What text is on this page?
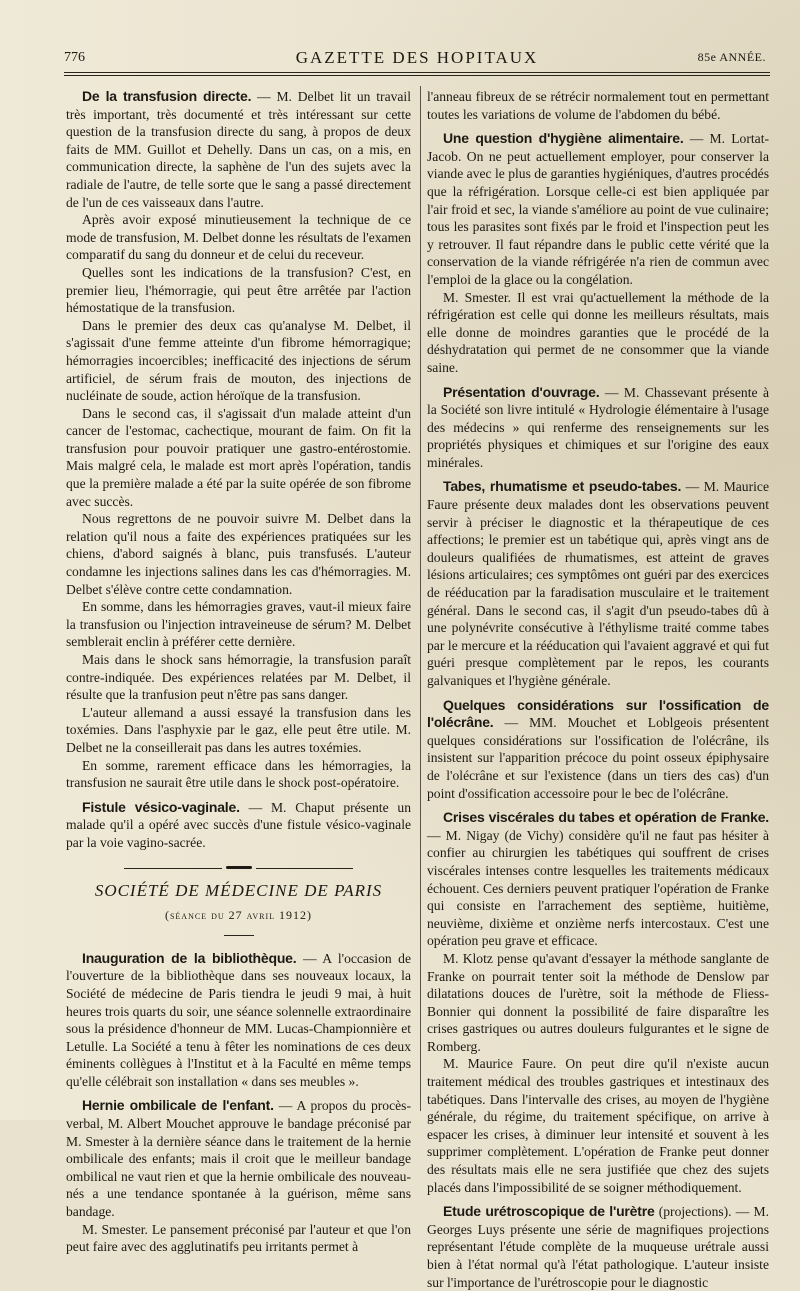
776	GAZETTE DES HOPITAUX	85e ANNÉE.

De la transfusion directe. — M. Delbet lit un travail très important, très documenté et très intéressant sur cette question de la transfusion directe du sang, à propos de deux faits de MM. Guillot et Dehelly. Dans un cas, on a mis, en communication directe, la saphène de l'un des sujets avec la radiale de l'autre, de telle sorte que le sang a passé directement de l'un de ces vaisseaux dans l'autre.

Après avoir exposé minutieusement la technique de ce mode de transfusion, M. Delbet donne les résultats de l'examen comparatif du sang du donneur et de celui du receveur.

Quelles sont les indications de la transfusion? C'est, en premier lieu, l'hémorragie, qui peut être arrêtée par l'action hémostatique de la transfusion.

Dans le premier des deux cas qu'analyse M. Delbet, il s'agissait d'une femme atteinte d'un fibrome hémorragique; hémorragies incoercibles; inefficacité des injections de sérum artificiel, de sérum frais de mouton, des injections de nucléinate de soude, action héroïque de la transfusion.

Dans le second cas, il s'agissait d'un malade atteint d'un cancer de l'estomac, cachectique, mourant de faim. On fit la transfusion pour pouvoir pratiquer une gastro-entérostomie. Mais malgré cela, le malade est mort après l'opération, tandis que la première malade a été par la suite opérée de son fibrome avec succès.

Nous regrettons de ne pouvoir suivre M. Delbet dans la relation qu'il nous a faite des expériences pratiquées sur les chiens, d'abord saignés à blanc, puis transfusés. L'auteur condamne les injections salines dans les cas d'hémorragies. M. Delbet s'élève contre cette condamnation.

En somme, dans les hémorragies graves, vaut-il mieux faire la transfusion ou l'injection intraveineuse de sérum? M. Delbet semblerait enclin à préférer cette dernière.

Mais dans le shock sans hémorragie, la transfusion paraît contre-indiquée. Des expériences relatées par M. Delbet, il résulte que la tranfusion peut n'être pas sans danger.

L'auteur allemand a aussi essayé la transfusion dans les toxémies. Dans l'asphyxie par le gaz, elle peut être utile. M. Delbet ne la conseillerait pas dans les autres toxémies.

En somme, rarement efficace dans les hémorragies, la transfusion ne saurait être utile dans le shock post-opératoire.

Fistule vésico-vaginale. — M. Chaput présente un malade qu'il a opéré avec succès d'une fistule vésico-vaginale par la voie vagino-sacrée.

SOCIÉTÉ DE MÉDECINE DE PARIS
(séance du 27 avril 1912)

Inauguration de la bibliothèque. — A l'occasion de l'ouverture de la bibliothèque dans ses nouveaux locaux, la Société de médecine de Paris tiendra le jeudi 9 mai, à huit heures trois quarts du soir, une séance solennelle extraordinaire sous la présidence d'honneur de MM. Lucas-Championnière et Letulle. La Société a tenu à fêter les nominations de ces deux éminents collègues à l'Institut et à la Faculté en même temps qu'elle célébrait son installation « dans ses meubles ».

Hernie ombilicale de l'enfant. — A propos du procès-verbal, M. Albert Mouchet approuve le bandage préconisé par M. Smester à la dernière séance dans le traitement de la hernie ombilicale des enfants; mais il croit que le meilleur bandage ombilical ne vaut rien et que la hernie ombilicale des nouveau-nés a une tendance spontanée à la guérison, même sans bandage.

M. Smester. Le pansement préconisé par l'auteur et que l'on peut faire avec des agglutinatifs peu irritants permet à

l'anneau fibreux de se rétrécir normalement tout en permettant toutes les variations de volume de l'abdomen du bébé.

Une question d'hygiène alimentaire. — M. Lortat-Jacob. On ne peut actuellement employer, pour conserver la viande avec le plus de garanties hygiéniques, d'autres procédés que la réfrigération. Lorsque celle-ci est bien appliquée par l'air froid et sec, la viande s'améliore au point de vue culinaire; tous les parasites sont fixés par le froid et l'inspection peut les y retrouver. Il faut répandre dans le public cette vérité que la conservation de la viande réfrigérée n'a rien de commun avec l'emploi de la glace ou la congélation.

M. Smester. Il est vrai qu'actuellement la méthode de la réfrigération est celle qui donne les meilleurs résultats, mais elle donne de moindres garanties que le procédé de la déshydratation qui permet de ne consommer que la viande saine.

Présentation d'ouvrage. — M. Chassevant présente à la Société son livre intitulé « Hydrologie élémentaire à l'usage des médecins » qui renferme des renseignements sur les propriétés physiques et chimiques et sur l'origine des eaux minérales.

Tabes, rhumatisme et pseudo-tabes. — M. Maurice Faure présente deux malades dont les observations peuvent servir à préciser le diagnostic et la thérapeutique de ces affections; le premier est un tabétique qui, après vingt ans de douleurs qualifiées de rhumatismes, est atteint de graves lésions articulaires; ces symptômes ont guéri par des exercices de rééducation par la faradisation musculaire et le traitement général. Dans le second cas, il s'agit d'un pseudo-tabes dû à une polynévrite consécutive à l'éthylisme traité comme tabes par le mercure et la rééducation qui l'avaient aggravé et qui fut guéri presque complètement par le repos, les courants galvaniques et l'hygiène générale.

Quelques considérations sur l'ossification de l'olécrâne. — MM. Mouchet et Loblgeois présentent quelques considérations sur l'ossification de l'olécrâne, ils insistent sur l'apparition précoce du point osseux épiphysaire de l'olécrâne et sur l'existence (dans un tiers des cas) d'un point d'ossification accessoire pour le bec de l'olécrâne.

Crises viscérales du tabes et opération de Franke. — M. Nigay (de Vichy) considère qu'il ne faut pas hésiter à confier au chirurgien les tabétiques qui souffrent de crises viscérales intenses contre lesquelles les traitements médicaux échouent. Ces derniers peuvent pratiquer l'opération de Franke qui consiste en l'arrachement des septième, huitième, neuvième, dixième et onzième nerfs intercostaux. C'est une opération peu grave et efficace.

M. Klotz pense qu'avant d'essayer la méthode sanglante de Franke on pourrait tenter soit la méthode de Denslow par dilatations douces de l'urètre, soit la méthode de Fliess-Bonnier qui donnent la possibilité de faire disparaître les crises gastriques ou autres douleurs fulgurantes et le signe de Romberg.

M. Maurice Faure. On peut dire qu'il n'existe aucun traitement médical des troubles gastriques et intestinaux des tabétiques. Dans l'intervalle des crises, au moyen de l'hygiène générale, du régime, du traitement spécifique, on arrive à espacer les crises, à diminuer leur intensité et souvent à les supprimer complètement. L'opération de Franke peut donner des résultats mais elle ne sera justifiée que chez des sujets placés dans l'impossibilité de se soigner méthodiquement.

Etude urétroscopique de l'urètre (projections). — M. Georges Luys présente une série de magnifiques projections représentant l'étude complète de la muqueuse urétrale aussi bien à l'état normal qu'à l'état pathologique. L'auteur insiste sur l'importance de l'urétroscopie pour le diagnostic
